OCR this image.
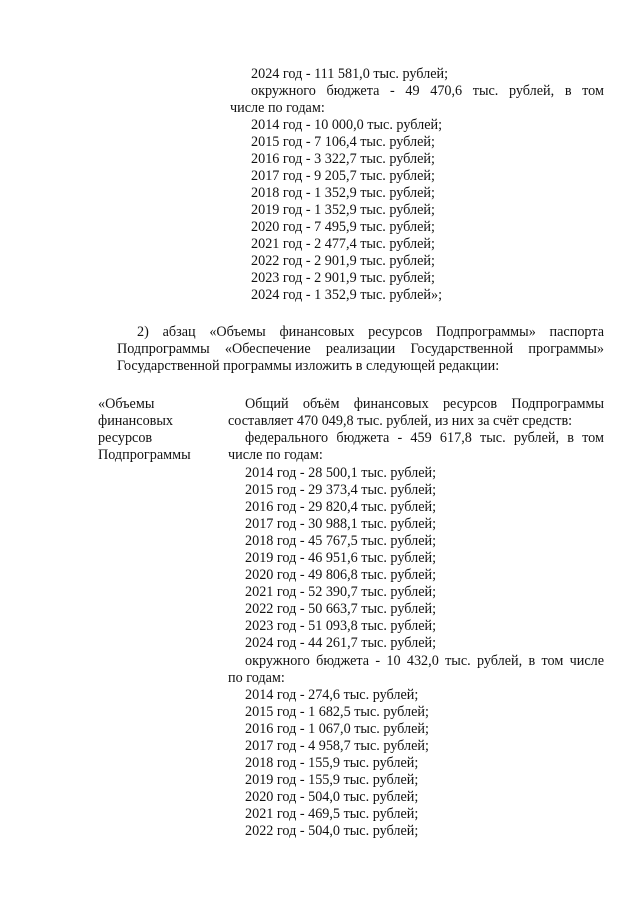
2024 год - 111 581,0 тыс. рублей;
окружного бюджета - 49 470,6 тыс. рублей, в том
числе по годам:
2014 год - 10 000,0 тыс. рублей;
2015 год - 7 106,4 тыс. рублей;
2016 год - 3 322,7 тыс. рублей;
2017 год - 9 205,7 тыс. рублей;
2018 год - 1 352,9 тыс. рублей;
2019 год - 1 352,9 тыс. рублей;
2020 год - 7 495,9 тыс. рублей;
2021 год - 2 477,4 тыс. рублей;
2022 год - 2 901,9 тыс. рублей;
2023 год - 2 901,9 тыс. рублей;
2024 год - 1 352,9 тыс. рублей»;
2) абзац «Объемы финансовых ресурсов Подпрограммы» паспорта
Подпрограммы «Обеспечение реализации Государственной программы»
Государственной программы изложить в следующей редакции:
«Объемы
финансовых
ресурсов
Подпрограммы
Общий объём финансовых ресурсов Подпрограммы
составляет 470 049,8 тыс. рублей, из них за счёт средств:
федерального бюджета - 459 617,8 тыс. рублей, в том
числе по годам:
2014 год - 28 500,1 тыс. рублей;
2015 год - 29 373,4 тыс. рублей;
2016 год - 29 820,4 тыс. рублей;
2017 год - 30 988,1 тыс. рублей;
2018 год - 45 767,5 тыс. рублей;
2019 год - 46 951,6 тыс. рублей;
2020 год - 49 806,8 тыс. рублей;
2021 год - 52 390,7 тыс. рублей;
2022 год - 50 663,7 тыс. рублей;
2023 год - 51 093,8 тыс. рублей;
2024 год - 44 261,7 тыс. рублей;
окружного бюджета - 10 432,0 тыс. рублей, в том числе
по годам:
2014 год - 274,6 тыс. рублей;
2015 год - 1 682,5 тыс. рублей;
2016 год - 1 067,0 тыс. рублей;
2017 год - 4 958,7 тыс. рублей;
2018 год - 155,9 тыс. рублей;
2019 год - 155,9 тыс. рублей;
2020 год - 504,0 тыс. рублей;
2021 год - 469,5 тыс. рублей;
2022 год - 504,0 тыс. рублей;
